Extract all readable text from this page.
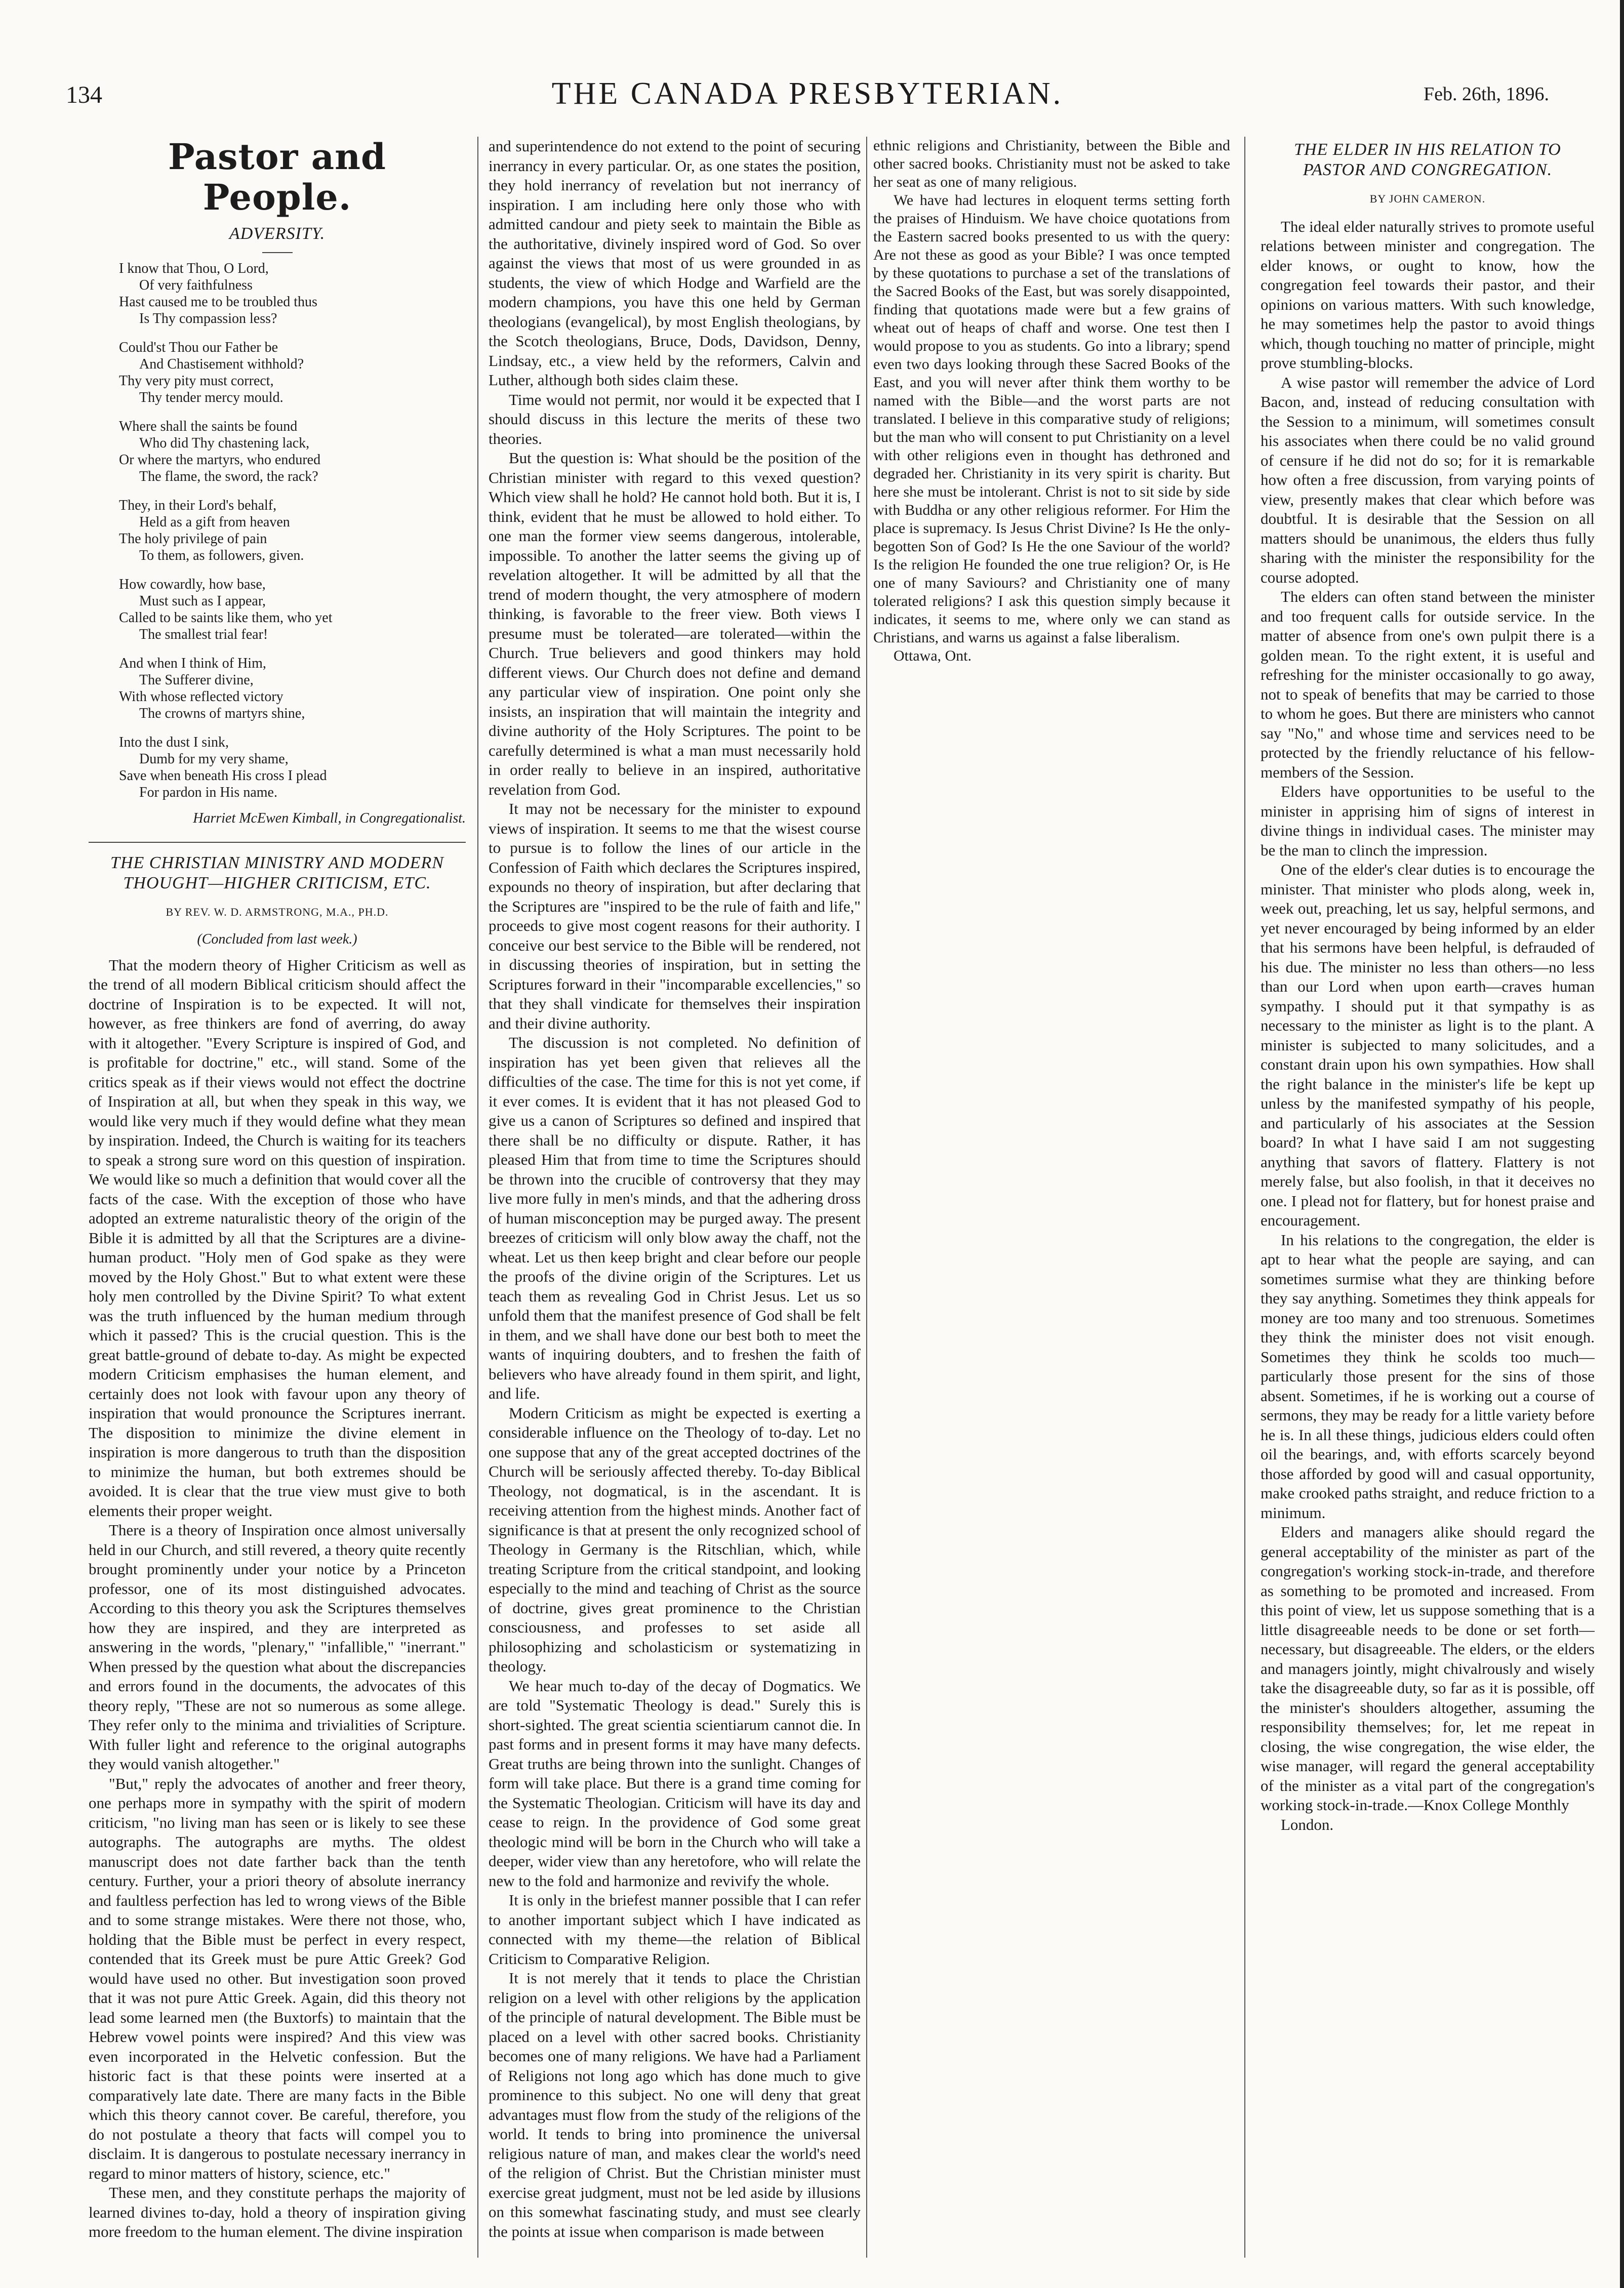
134	THE CANADA PRESBYTERIAN.	Feb. 26th, 1896.
Pastor and People.
ADVERSITY.
I know that Thou, O Lord,
Of very faithfulness
Hast caused me to be troubled thus
Is Thy compassion less?
Could'st Thou our Father be
And Chastisement withhold?
Thy very pity must correct,
Thy tender mercy mould.
Where shall the saints be found
Who did Thy chastening lack,
Or where the martyrs, who endured
The flame, the sword, the rack?
They, in their Lord's behalf,
Held as a gift from heaven
The holy privilege of pain
To them, as followers, given.
How cowardly, how base,
Must such as I appear,
Called to be saints like them, who yet
The smallest trial fear!
And when I think of Him,
The Sufferer divine,
With whose reflected victory
The crowns of martyrs shine,
Into the dust I sink,
Dumb for my very shame,
Save when beneath His cross I plead
For pardon in His name.
Harriet McEwen Kimball, in Congregationalist.
THE CHRISTIAN MINISTRY AND MODERN THOUGHT—HIGHER CRITICISM, ETC.
BY REV. W. D. ARMSTRONG, M.A., PH.D.
(Concluded from last week.)

That the modern theory of Higher Criticism as well as the trend of all modern Biblical criticism should affect the doctrine of Inspiration is to be expected. It will not, however, as free thinkers are fond of averring, do away with it altogether. "Every Scripture is inspired of God, and is profitable for doctrine," etc., will stand. Some of the critics speak as if their views would not effect the doctrine of Inspiration at all, but when they speak in this way, we would like very much if they would define what they mean by inspiration. Indeed, the Church is waiting for its teachers to speak a strong sure word on this question of inspiration. We would like so much a definition that would cover all the facts of the case. With the exception of those who have adopted an extreme naturalistic theory of the origin of the Bible it is admitted by all that the Scriptures are a divine-human product. "Holy men of God spake as they were moved by the Holy Ghost." But to what extent were these holy men controlled by the Divine Spirit? To what extent was the truth influenced by the human medium through which it passed? This is the crucial question. This is the great battle-ground of debate to-day. As might be expected modern Criticism emphasises the human element, and certainly does not look with favour upon any theory of inspiration that would pronounce the Scriptures inerrant. The disposition to minimize the divine element in inspiration is more dangerous to truth than the disposition to minimize the human, but both extremes should be avoided. It is clear that the true view must give to both elements their proper weight.

There is a theory of Inspiration once almost universally held in our Church, and still revered, a theory quite recently brought prominently under your notice by a Princeton professor, one of its most distinguished advocates. According to this theory you ask the Scriptures themselves how they are inspired, and they are interpreted as answering in the words, "plenary," "infallible," "inerrant." When pressed by the question what about the discrepancies and errors found in the documents, the advocates of this theory reply, "These are not so numerous as some allege. They refer only to the minima and trivialities of Scripture. With fuller light and reference to the original autographs they would vanish altogether."

"But," reply the advocates of another and freer theory, one perhaps more in sympathy with the spirit of modern criticism, "no living man has seen or is likely to see these autographs. The autographs are myths. The oldest manuscript does not date farther back than the tenth century. Further, your a priori theory of absolute inerrancy and faultless perfection has led to wrong views of the Bible and to some strange mistakes. Were there not those, who, holding that the Bible must be perfect in every respect, contended that its Greek must be pure Attic Greek? God would have used no other. But investigation soon proved that it was not pure Attic Greek. Again, did this theory not lead some learned men (the Buxtorfs) to maintain that the Hebrew vowel points were inspired? And this view was even incorporated in the Helvetic confession. But the historic fact is that these points were inserted at a comparatively late date. There are many facts in the Bible which this theory cannot cover. Be careful, therefore, you do not postulate a theory that facts will compel you to disclaim. It is dangerous to postulate necessary inerrancy in regard to minor matters of history, science, etc."

These men, and they constitute perhaps the majority of learned divines to-day, hold a theory of inspiration giving more freedom to the human element. The divine inspiration

and superintendence do not extend to the point of securing inerrancy in every particular. Or, as one states the position, they hold inerrancy of revelation but not inerrancy of inspiration. I am including here only those who with admitted candour and piety seek to maintain the Bible as the authoritative, divinely inspired word of God. So over against the views that most of us were grounded in as students, the view of which Hodge and Warfield are the modern champions, you have this one held by German theologians (evangelical), by most English theologians, by the Scotch theologians, Bruce, Dods, Davidson, Denny, Lindsay, etc., a view held by the reformers, Calvin and Luther, although both sides claim these.

Time would not permit, nor would it be expected that I should discuss in this lecture the merits of these two theories.

But the question is: What should be the position of the Christian minister with regard to this vexed question? Which view shall he hold? He cannot hold both. But it is, I think, evident that he must be allowed to hold either. To one man the former view seems dangerous, intolerable, impossible. To another the latter seems the giving up of revelation altogether. It will be admitted by all that the trend of modern thought, the very atmosphere of modern thinking, is favorable to the freer view. Both views I presume must be tolerated—are tolerated—within the Church. True believers and good thinkers may hold different views. Our Church does not define and demand any particular view of inspiration. One point only she insists, an inspiration that will maintain the integrity and divine authority of the Holy Scriptures. The point to be carefully determined is what a man must necessarily hold in order really to believe in an inspired, authoritative revelation from God.

It may not be necessary for the minister to expound views of inspiration. It seems to me that the wisest course to pursue is to follow the lines of our article in the Confession of Faith which declares the Scriptures inspired, expounds no theory of inspiration, but after declaring that the Scriptures are "inspired to be the rule of faith and life," proceeds to give most cogent reasons for their authority. I conceive our best service to the Bible will be rendered, not in discussing theories of inspiration, but in setting the Scriptures forward in their "incomparable excellencies," so that they shall vindicate for themselves their inspiration and their divine authority.

The discussion is not completed. No definition of inspiration has yet been given that relieves all the difficulties of the case. The time for this is not yet come, if it ever comes. It is evident that it has not pleased God to give us a canon of Scriptures so defined and inspired that there shall be no difficulty or dispute. Rather, it has pleased Him that from time to time the Scriptures should be thrown into the crucible of controversy that they may live more fully in men's minds, and that the adhering dross of human misconception may be purged away. The present breezes of criticism will only blow away the chaff, not the wheat. Let us then keep bright and clear before our people the proofs of the divine origin of the Scriptures. Let us teach them as revealing God in Christ Jesus. Let us so unfold them that the manifest presence of God shall be felt in them, and we shall have done our best both to meet the wants of inquiring doubters, and to freshen the faith of believers who have already found in them spirit, and light, and life.

Modern Criticism as might be expected is exerting a considerable influence on the Theology of to-day. Let no one suppose that any of the great accepted doctrines of the Church will be seriously affected thereby. To-day Biblical Theology, not dogmatical, is in the ascendant. It is receiving attention from the highest minds. Another fact of significance is that at present the only recognized school of Theology in Germany is the Ritschlian, which, while treating Scripture from the critical standpoint, and looking especially to the mind and teaching of Christ as the source of doctrine, gives great prominence to the Christian consciousness, and professes to set aside all philosophizing and scholasticism or systematizing in theology.

We hear much to-day of the decay of Dogmatics. We are told "Systematic Theology is dead." Surely this is short-sighted. The great scientia scientiarum cannot die. In past forms and in present forms it may have many defects. Great truths are being thrown into the sunlight. Changes of form will take place. But there is a grand time coming for the Systematic Theologian. Criticism will have its day and cease to reign. In the providence of God some great theologic mind will be born in the Church who will take a deeper, wider view than any heretofore, who will relate the new to the fold and harmonize and revivify the whole.

It is only in the briefest manner possible that I can refer to another important subject which I have indicated as connected with my theme—the relation of Biblical Criticism to Comparative Religion.

It is not merely that it tends to place the Christian religion on a level with other religions by the application of the principle of natural development. The Bible must be placed on a level with other sacred books. Christianity becomes one of many religions. We have had a Parliament of Religions not long ago which has done much to give prominence to this subject. No one will deny that great advantages must flow from the study of the religions of the world. It tends to bring into prominence the universal religious nature of man, and makes clear the world's need of the religion of Christ. But the Christian minister must exercise great judgment, must not be led aside by illusions on this somewhat fascinating study, and must see clearly the points at issue when comparison is made between

ethnic religions and Christianity, between the Bible and other sacred books. Christianity must not be asked to take her seat as one of many religious.

We have had lectures in eloquent terms setting forth the praises of Hinduism. We have choice quotations from the Eastern sacred books presented to us with the query: Are not these as good as your Bible? I was once tempted by these quotations to purchase a set of the translations of the Sacred Books of the East, but was sorely disappointed, finding that quotations made were but a few grains of wheat out of heaps of chaff and worse. One test then I would propose to you as students. Go into a library; spend even two days looking through these Sacred Books of the East, and you will never after think them worthy to be named with the Bible—and the worst parts are not translated. I believe in this comparative study of religions; but the man who will consent to put Christianity on a level with other religions even in thought has dethroned and degraded her. Christianity in its very spirit is charity. But here she must be intolerant. Christ is not to sit side by side with Buddha or any other religious reformer. For Him the place is supremacy. Is Jesus Christ Divine? Is He the only-begotten Son of God? Is He the one Saviour of the world? Is the religion He founded the one true religion? Or, is He one of many Saviours? and Christianity one of many tolerated religions? I ask this question simply because it indicates, it seems to me, where only we can stand as Christians, and warns us against a false liberalism.

Ottawa, Ont.

THE ELDER IN HIS RELATION TO PASTOR AND CONGREGATION.
BY JOHN CAMERON.

The ideal elder naturally strives to promote useful relations between minister and congregation. The elder knows, or ought to know, how the congregation feel towards their pastor, and their opinions on various matters. With such knowledge, he may sometimes help the pastor to avoid things which, though touching no matter of principle, might prove stumbling-blocks.

A wise pastor will remember the advice of Lord Bacon, and, instead of reducing consultation with the Session to a minimum, will sometimes consult his associates when there could be no valid ground of censure if he did not do so; for it is remarkable how often a free discussion, from varying points of view, presently makes that clear which before was doubtful. It is desirable that the Session on all matters should be unanimous, the elders thus fully sharing with the minister the responsibility for the course adopted.

The elders can often stand between the minister and too frequent calls for outside service. In the matter of absence from one's own pulpit there is a golden mean. To the right extent, it is useful and refreshing for the minister occasionally to go away, not to speak of benefits that may be carried to those to whom he goes. But there are ministers who cannot say "No," and whose time and services need to be protected by the friendly reluctance of his fellow-members of the Session.

Elders have opportunities to be useful to the minister in apprising him of signs of interest in divine things in individual cases. The minister may be the man to clinch the impression.

One of the elder's clear duties is to encourage the minister. That minister who plods along, week in, week out, preaching, let us say, helpful sermons, and yet never encouraged by being informed by an elder that his sermons have been helpful, is defrauded of his due. The minister no less than others—no less than our Lord when upon earth—craves human sympathy. I should put it that sympathy is as necessary to the minister as light is to the plant. A minister is subjected to many solicitudes, and a constant drain upon his own sympathies. How shall the right balance in the minister's life be kept up unless by the manifested sympathy of his people, and particularly of his associates at the Session board? In what I have said I am not suggesting anything that savors of flattery. Flattery is not merely false, but also foolish, in that it deceives no one. I plead not for flattery, but for honest praise and encouragement.

In his relations to the congregation, the elder is apt to hear what the people are saying, and can sometimes surmise what they are thinking before they say anything. Sometimes they think appeals for money are too many and too strenuous. Sometimes they think the minister does not visit enough. Sometimes they think he scolds too much—particularly those present for the sins of those absent. Sometimes, if he is working out a course of sermons, they may be ready for a little variety before he is. In all these things, judicious elders could often oil the bearings, and, with efforts scarcely beyond those afforded by good will and casual opportunity, make crooked paths straight, and reduce friction to a minimum.

Elders and managers alike should regard the general acceptability of the minister as part of the congregation's working stock-in-trade, and therefore as something to be promoted and increased. From this point of view, let us suppose something that is a little disagreeable needs to be done or set forth—necessary, but disagreeable. The elders, or the elders and managers jointly, might chivalrously and wisely take the disagreeable duty, so far as it is possible, off the minister's shoulders altogether, assuming the responsibility themselves; for, let me repeat in closing, the wise congregation, the wise elder, the wise manager, will regard the general acceptability of the minister as a vital part of the congregation's working stock-in-trade.—Knox College Monthly

London.
